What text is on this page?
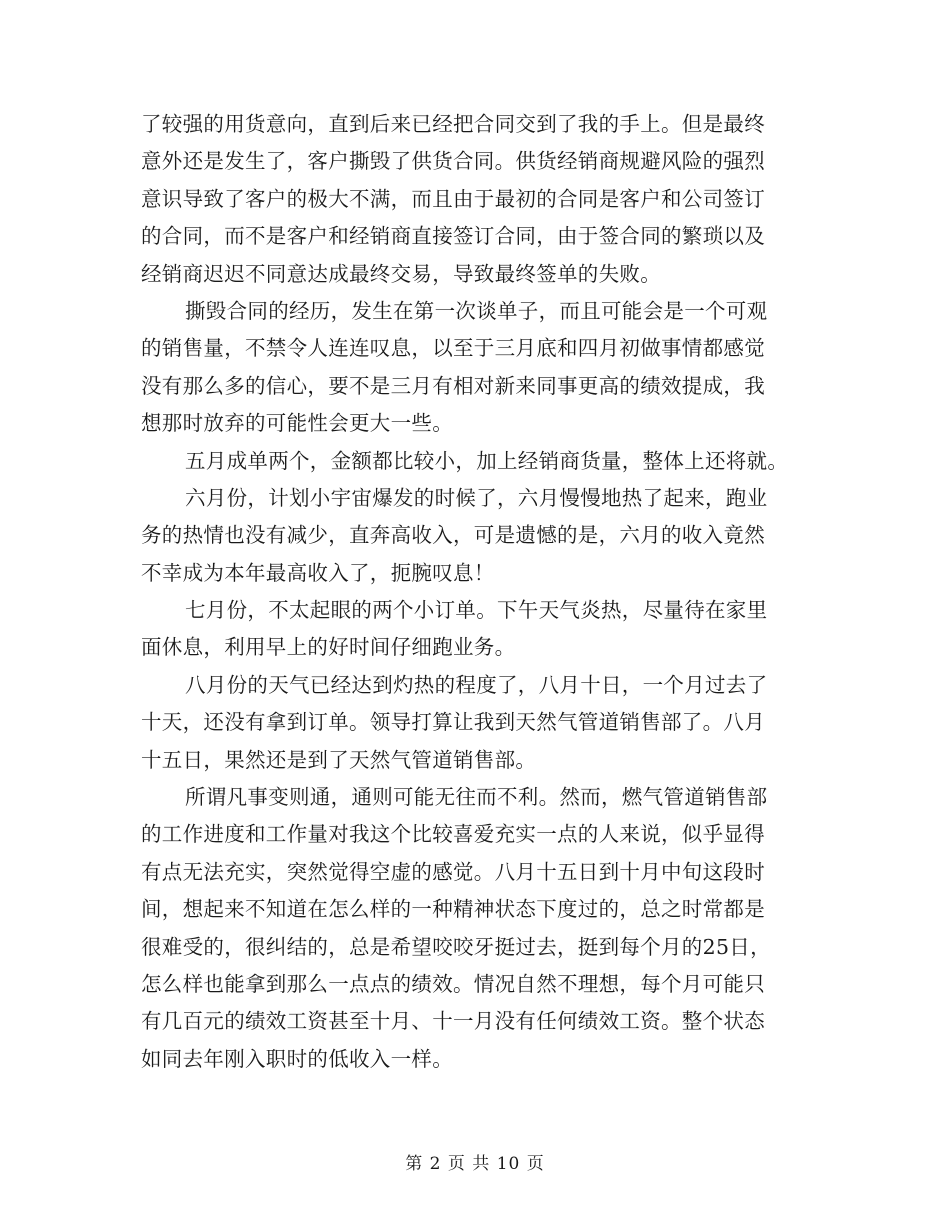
了较强的用货意向，直到后来已经把合同交到了我的手上。但是最终
意外还是发生了，客户撕毁了供货合同。供货经销商规避风险的强烈
意识导致了客户的极大不满，而且由于最初的合同是客户和公司签订
的合同，而不是客户和经销商直接签订合同，由于签合同的繁琐以及
经销商迟迟不同意达成最终交易，导致最终签单的失败。
撕毁合同的经历，发生在第一次谈单子，而且可能会是一个可观
的销售量，不禁令人连连叹息，以至于三月底和四月初做事情都感觉
没有那么多的信心，要不是三月有相对新来同事更高的绩效提成，我
想那时放弃的可能性会更大一些。
五月成单两个，金额都比较小，加上经销商货量，整体上还将就。
六月份，计划小宇宙爆发的时候了，六月慢慢地热了起来，跑业
务的热情也没有减少，直奔高收入，可是遗憾的是，六月的收入竟然
不幸成为本年最高收入了，扼腕叹息！
七月份，不太起眼的两个小订单。下午天气炎热，尽量待在家里
面休息，利用早上的好时间仔细跑业务。
八月份的天气已经达到灼热的程度了，八月十日，一个月过去了
十天，还没有拿到订单。领导打算让我到天然气管道销售部了。八月
十五日，果然还是到了天然气管道销售部。
所谓凡事变则通，通则可能无往而不利。然而，燃气管道销售部
的工作进度和工作量对我这个比较喜爱充实一点的人来说，似乎显得
有点无法充实，突然觉得空虚的感觉。八月十五日到十月中旬这段时
间，想起来不知道在怎么样的一种精神状态下度过的，总之时常都是
很难受的，很纠结的，总是希望咬咬牙挺过去，挺到每个月的25日，
怎么样也能拿到那么一点点的绩效。情况自然不理想，每个月可能只
有几百元的绩效工资甚至十月、十一月没有任何绩效工资。整个状态
如同去年刚入职时的低收入一样。
第 2 页 共 10 页
